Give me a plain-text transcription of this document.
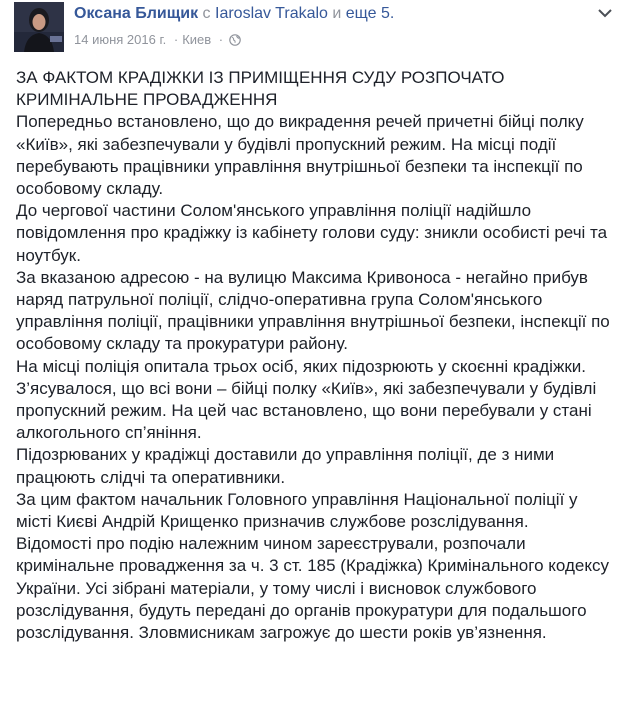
Оксана Блищик с Iaroslav Trakalo и еще 5.
14 июня 2016 г. · Киев ·

ЗА ФАКТОМ КРАДІЖКИ ІЗ ПРИМІЩЕННЯ СУДУ РОЗПОЧАТО КРИМІНАЛЬНЕ ПРОВАДЖЕННЯ

Попередньо встановлено, що до викрадення речей причетні бійці полку «Київ», які забезпечували у будівлі пропускний режим. На місці події перебувають працівники управління внутрішньої безпеки та інспекції по особовому складу.

До чергової частини Солом'янського управління поліції надійшло повідомлення про крадіжку із кабінету голови суду: зникли особисті речі та ноутбук.

За вказаною адресою - на вулицю Максима Кривоноса - негайно прибув наряд патрульної поліції, слідчо-оперативна група Солом'янського управління поліції, працівники управління внутрішньої безпеки, інспекції по особовому складу та прокуратури району.

На місці поліція опитала трьох осіб, яких підозрюють у скоєнні крадіжки. З’ясувалося, що всі вони – бійці полку «Київ», які забезпечували у будівлі пропускний режим. На цей час встановлено, що вони перебували у стані алкогольного сп’яніння.

Підозрюваних у крадіжці доставили до управління поліції, де з ними працюють слідчі та оперативники.

За цим фактом начальник Головного управління Національної поліції у місті Києві Андрій Крищенко призначив службове розслідування.

Відомості про подію належним чином зареєстрували, розпочали кримінальне провадження за ч. 3 ст. 185 (Крадіжка) Кримінального кодексу України. Усі зібрані матеріали, у тому числі і висновок службового розслідування, будуть передані до органів прокуратури для подальшого розслідування. Зловмисникам загрожує до шести років ув’язнення.
